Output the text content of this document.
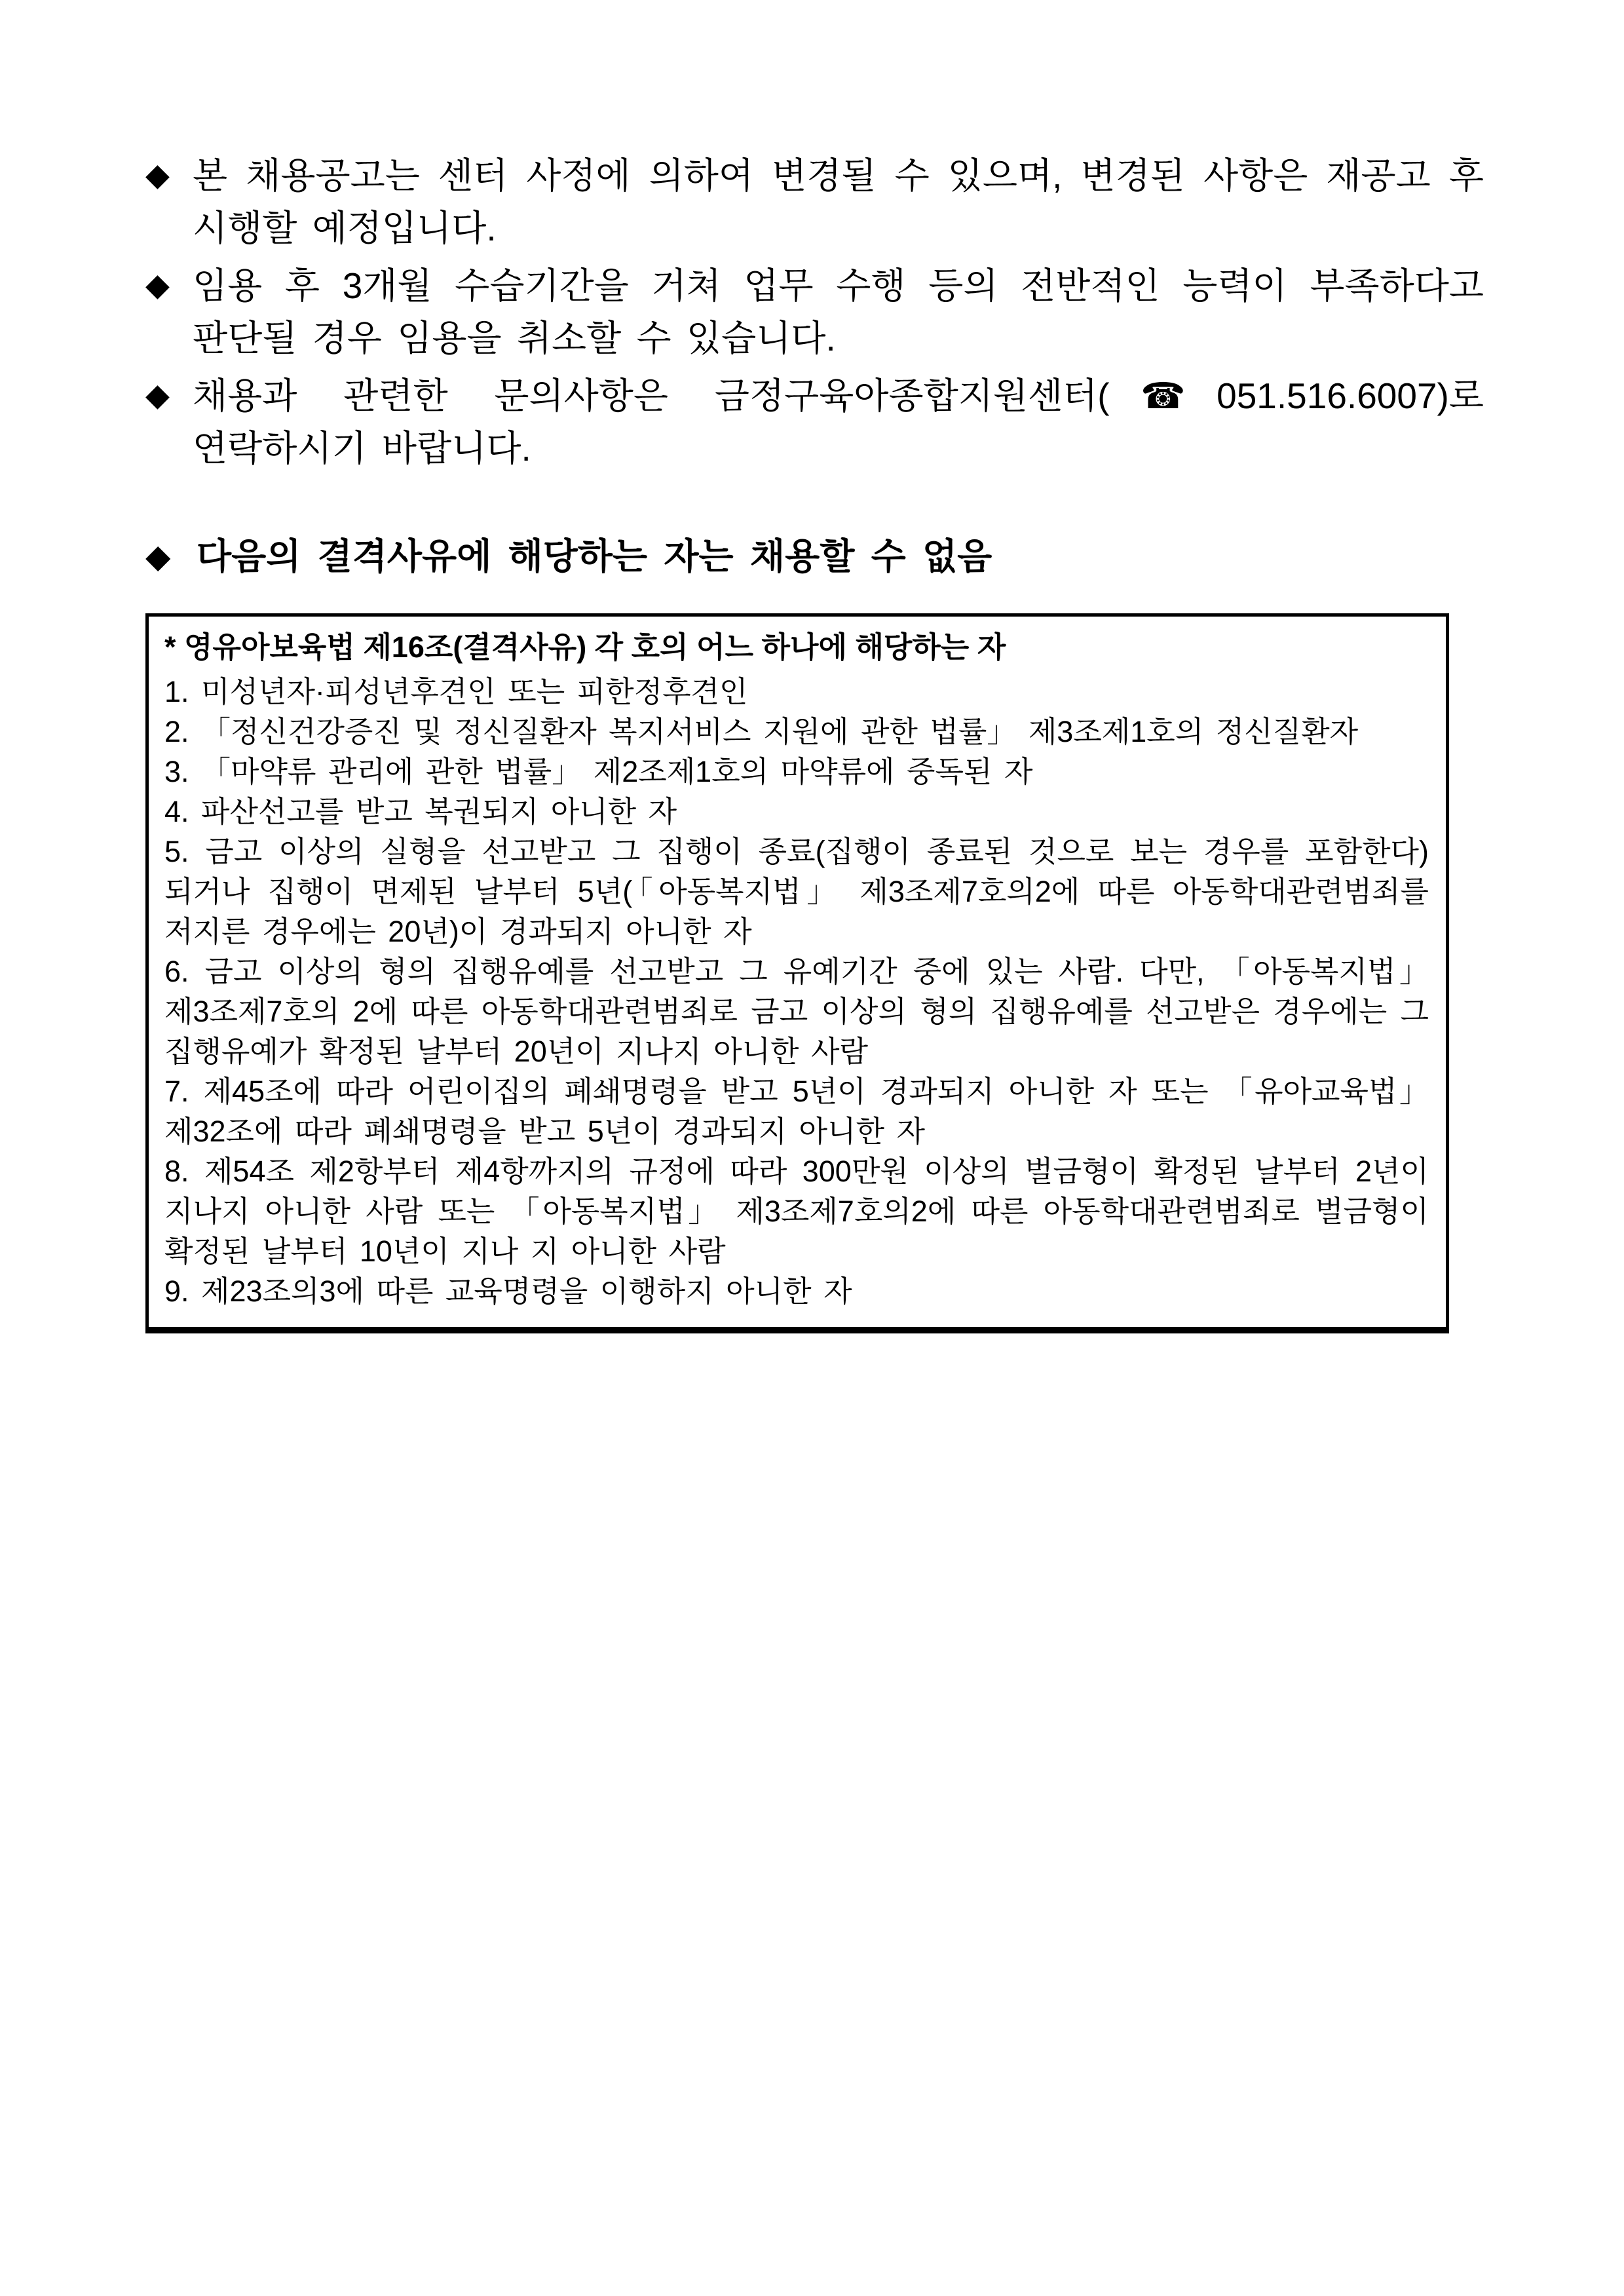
◆ 본 채용공고는 센터 사정에 의하여 변경될 수 있으며, 변경된 사항은 재공고 후 시행할 예정입니다.

◆ 임용 후 3개월 수습기간을 거쳐 업무 수행 등의 전반적인 능력이 부족하다고 판단될 경우 임용을 취소할 수 있습니다.

◆ 채용과 관련한 문의사항은 금정구육아종합지원센터(☎051.516.6007)로 연락하시기 바랍니다.

◆ 다음의 결격사유에 해당하는 자는 채용할 수 없음

* 영유아보육법 제16조(결격사유) 각 호의 어느 하나에 해당하는 자

1. 미성년자·피성년후견인 또는 피한정후견인

2. 「정신건강증진 및 정신질환자 복지서비스 지원에 관한 법률」 제3조제1호의 정신질환자

3. 「마약류 관리에 관한 법률」 제2조제1호의 마약류에 중독된 자

4. 파산선고를 받고 복권되지 아니한 자

5. 금고 이상의 실형을 선고받고 그 집행이 종료(집행이 종료된 것으로 보는 경우를 포함한다)되거나 집행이 면제된 날부터 5년(「아동복지법」 제3조제7호의2에 따른 아동학대관련범죄를 저지른 경우에는 20년)이 경과되지 아니한 자

6. 금고 이상의 형의 집행유예를 선고받고 그 유예기간 중에 있는 사람. 다만, 「아동복지법」 제3조제7호의 2에 따른 아동학대관련범죄로 금고 이상의 형의 집행유예를 선고받은 경우에는 그 집행유예가 확정된 날부터 20년이 지나지 아니한 사람

7. 제45조에 따라 어린이집의 폐쇄명령을 받고 5년이 경과되지 아니한 자 또는 「유아교육법」 제32조에 따라 폐쇄명령을 받고 5년이 경과되지 아니한 자

8. 제54조 제2항부터 제4항까지의 규정에 따라 300만원 이상의 벌금형이 확정된 날부터 2년이 지나지 아니한 사람 또는 「아동복지법」 제3조제7호의2에 따른 아동학대관련범죄로 벌금형이 확정된 날부터 10년이 지나 지 아니한 사람

9. 제23조의3에 따른 교육명령을 이행하지 아니한 자
